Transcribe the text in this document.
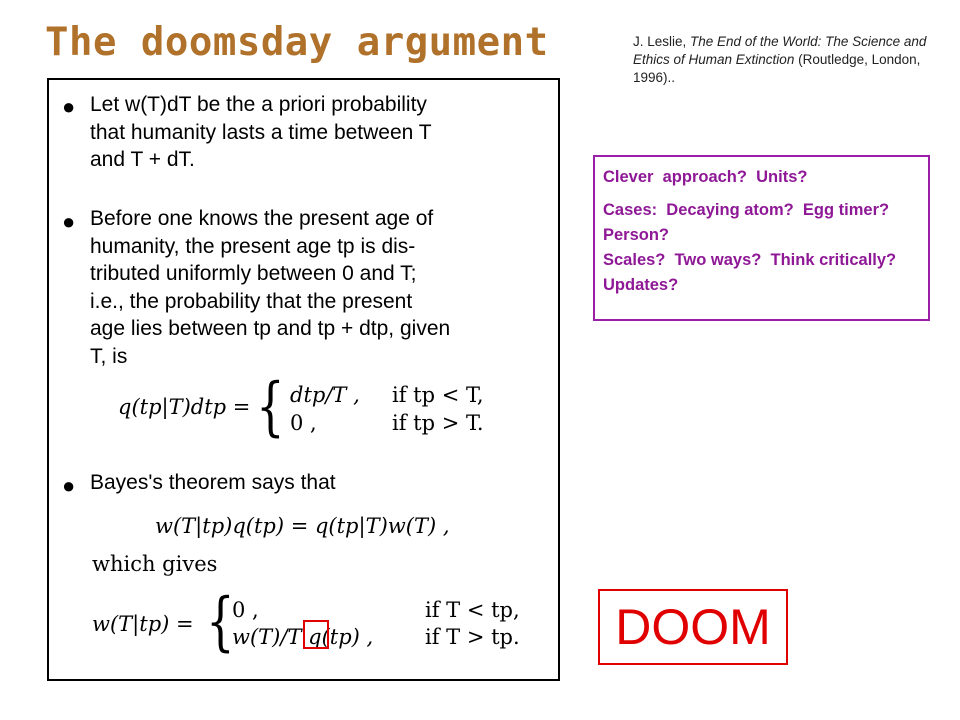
The doomsday argument	J. Leslie, The End of the World: The Science and Ethics of Human Extinction (Routledge, London, 1996)..
● Let w(T)dT be the a priori probability
that humanity lasts a time between T
and T + dT.
● Before one knows the present age of
humanity, the present age tp is dis-
tributed uniformly between 0 and T;
i.e., the probability that the present
age lies between tp and tp + dtp, given
T, is
q(tp|T)dtp = { dtp/T , if tp < T,
0 ,	if tp > T.
● Bayes's theorem says that
w(T|tp)q(tp) = q(tp|T)w(T) ,
which gives
w(T|tp) = {
0 ,	if T < tp,
w(T)/T q(tp) , if T > tp.
Clever  approach?  Units?
Cases:  Decaying atom?  Egg timer?  Person?
Scales?  Two ways?  Think critically?  Updates?
DOOM
